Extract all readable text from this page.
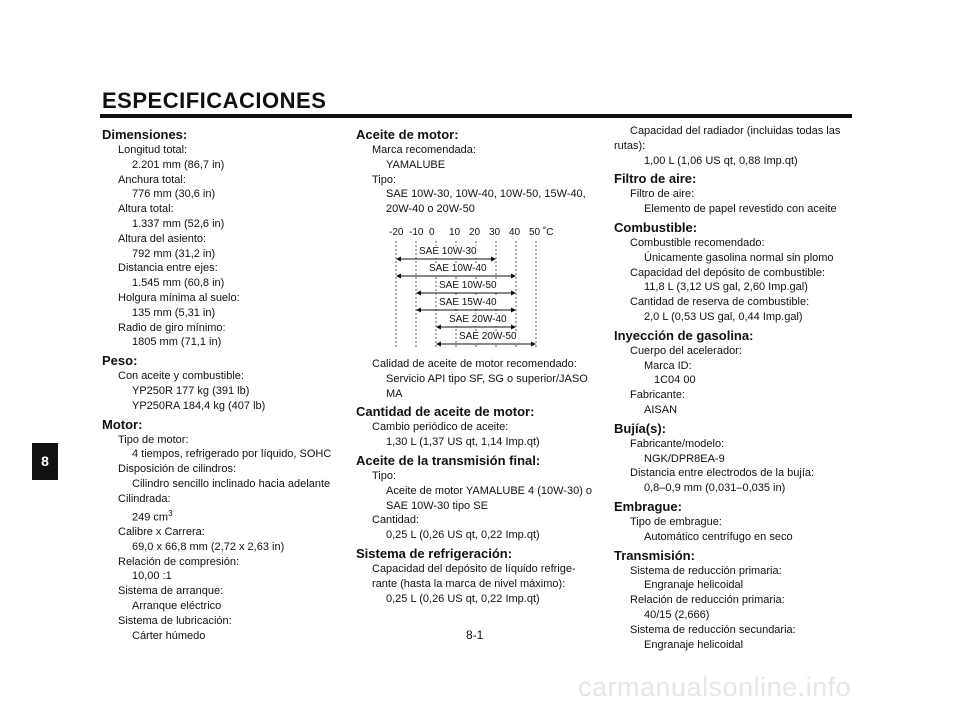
ESPECIFICACIONES
8
Dimensiones:
Longitud total:
2.201 mm (86,7 in)
Anchura total:
776 mm (30,6 in)
Altura total:
1.337 mm (52,6 in)
Altura del asiento:
792 mm (31,2 in)
Distancia entre ejes:
1.545 mm (60,8 in)
Holgura mínima al suelo:
135 mm (5,31 in)
Radio de giro mínimo:
1805 mm (71,1 in)
Peso:
Con aceite y combustible:
YP250R 177 kg (391 lb)
YP250RA 184,4 kg (407 lb)
Motor:
Tipo de motor:
4 tiempos, refrigerado por líquido, SOHC
Disposición de cilindros:
Cilindro sencillo inclinado hacia adelante
Cilindrada:
249 $cm^3$
Calibre x Carrera:
69,0 x 66,8 mm (2,72 x 2,63 in)
Relación de compresión:
10,00 :1
Sistema de arranque:
Arranque eléctrico
Sistema de lubricación:
Cárter húmedo
Aceite de motor:
Marca recomendada:
YAMALUBE
Tipo:
SAE 10W-30, 10W-40, 10W-50, 15W-40,
20W-40 o 20W-50
-20 -10 0 10 20 30 40 50 ˚C
SAE 10W-30
SAE 10W-40
SAE 10W-50
SAE 15W-40
SAE 20W-40
SAE 20W-50
Calidad de aceite de motor recomendado:
Servicio API tipo SF, SG o superior/JASO
MA
Cantidad de aceite de motor:
Cambio periódico de aceite:
1,30 L (1,37 US qt, 1,14 Imp.qt)
Aceite de la transmisión final:
Tipo:
Aceite de motor YAMALUBE 4 (10W-30) o
SAE 10W-30 tipo SE
Cantidad:
0,25 L (0,26 US qt, 0,22 Imp.qt)
Sistema de refrigeración:
Capacidad del depósito de líquido refrige-
rante (hasta la marca de nivel máximo):
0,25 L (0,26 US qt, 0,22 Imp.qt)
Capacidad del radiador (incluidas todas las
rutas):
1,00 L (1,06 US qt, 0,88 Imp.qt)
Filtro de aire:
Filtro de aire:
Elemento de papel revestido con aceite
Combustible:
Combustible recomendado:
Únicamente gasolina normal sin plomo
Capacidad del depósito de combustible:
11,8 L (3,12 US gal, 2,60 Imp.gal)
Cantidad de reserva de combustible:
2,0 L (0,53 US gal, 0,44 Imp.gal)
Inyección de gasolina:
Cuerpo del acelerador:
Marca ID:
1C04 00
Fabricante:
AISAN
Bujía(s):
Fabricante/modelo:
NGK/DPR8EA-9
Distancia entre electrodos de la bujía:
0,8–0,9 mm (0,031–0,035 in)
Embrague:
Tipo de embrague:
Automático centrífugo en seco
Transmisión:
Sistema de reducción primaria:
Engranaje helicoidal
Relación de reducción primaria:
40/15 (2,666)
Sistema de reducción secundaria:
Engranaje helicoidal
8-1
carmanualsonline.info
